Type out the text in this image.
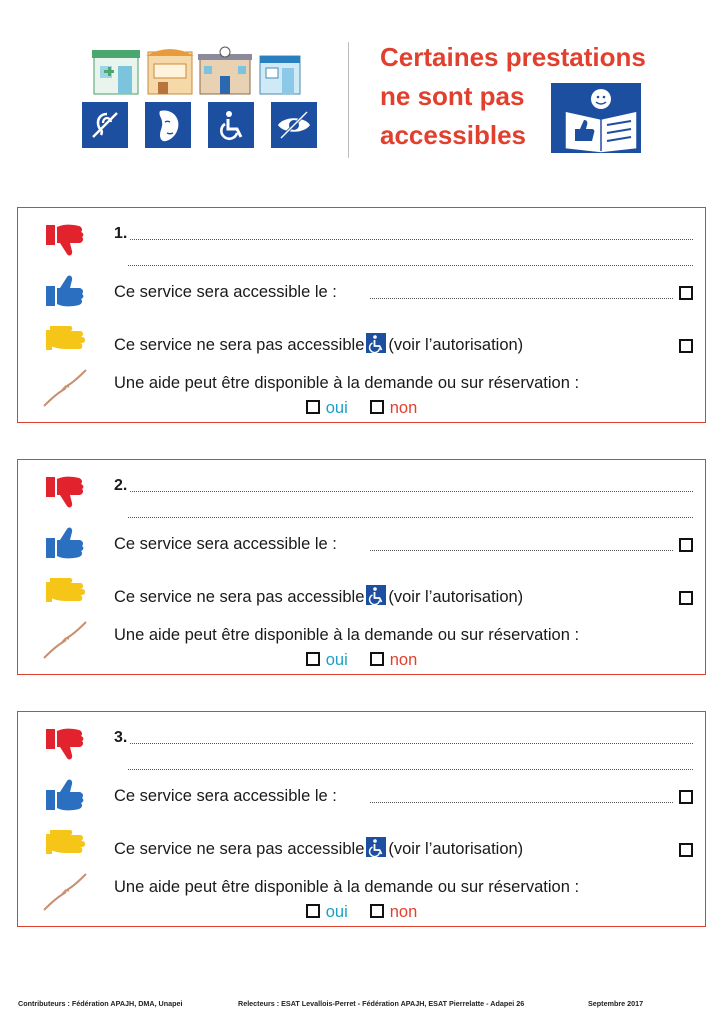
Certaines prestations
ne sont pas
accessibles
1.
Ce service sera accessible le :
Ce service ne sera pas accessible (voir l’autorisation)
Une aide peut être disponible à la demande ou sur réservation :
oui	non
2.
Ce service sera accessible le :
Ce service ne sera pas accessible (voir l’autorisation)
Une aide peut être disponible à la demande ou sur réservation :
oui	non
3.
Ce service sera accessible le :
Ce service ne sera pas accessible (voir l’autorisation)
Une aide peut être disponible à la demande ou sur réservation :
oui	non
Contributeurs : Fédération APAJH, DMA, Unapei	Relecteurs : ESAT Levallois-Perret - Fédération APAJH, ESAT Pierrelatte - Adapei 26	Septembre 2017
